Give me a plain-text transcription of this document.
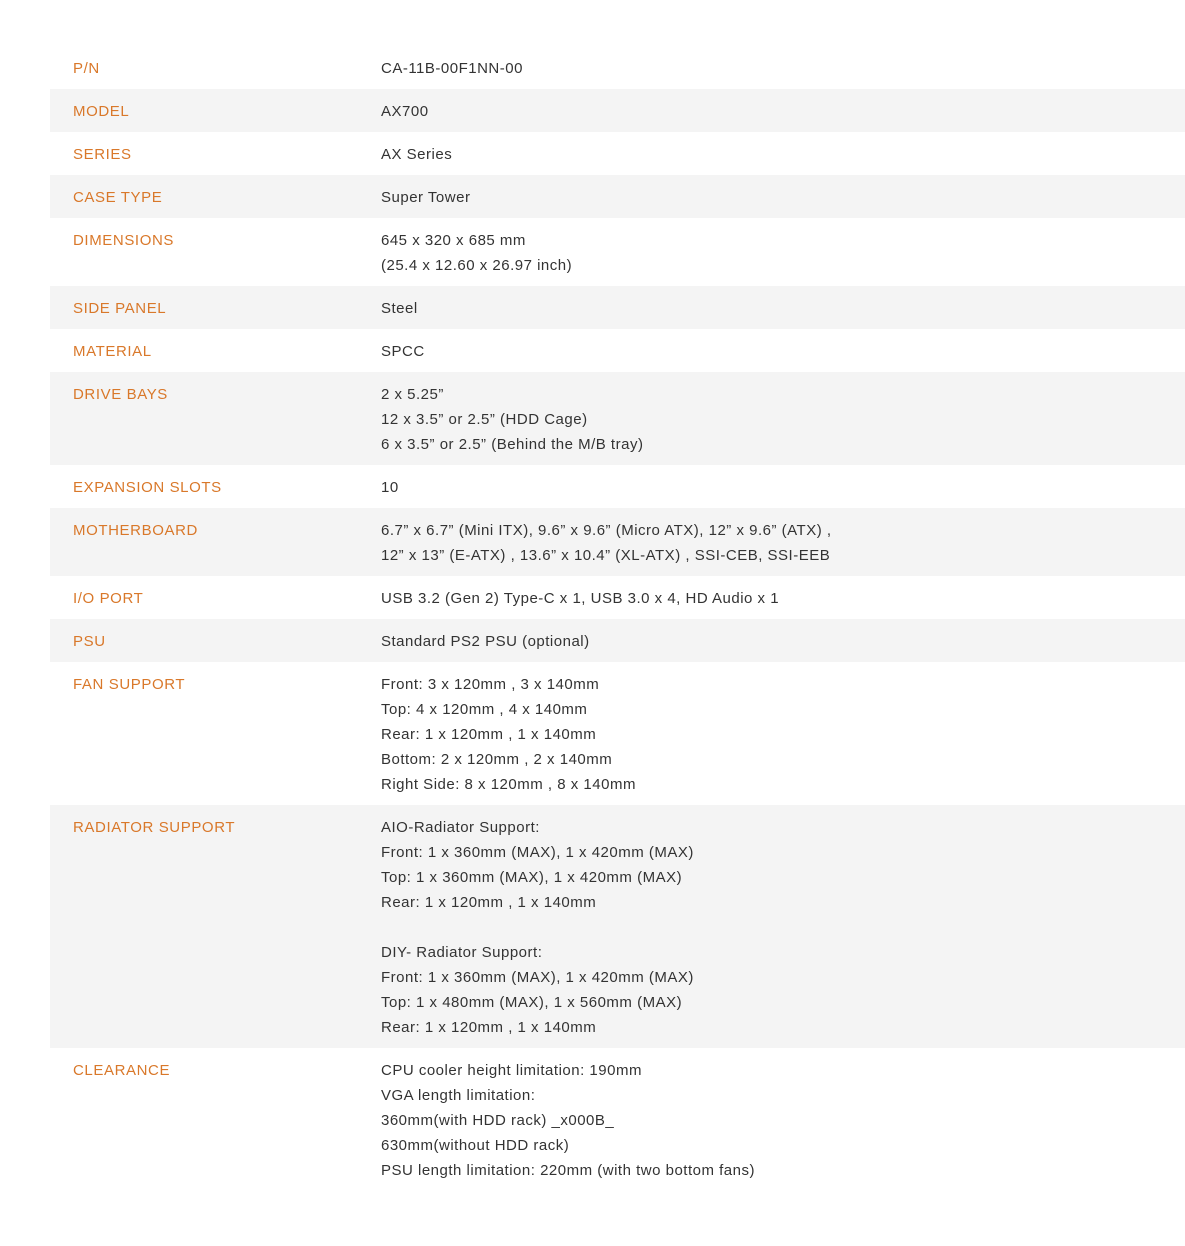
P/N	CA-11B-00F1NN-00
MODEL	AX700
SERIES	AX Series
CASE TYPE	Super Tower
DIMENSIONS	645 x 320 x 685 mm
(25.4 x 12.60 x 26.97 inch)
SIDE PANEL	Steel
MATERIAL	SPCC
DRIVE BAYS	2 x 5.25”
12 x 3.5” or 2.5” (HDD Cage)
6 x 3.5” or 2.5” (Behind the M/B tray)
EXPANSION SLOTS	10
MOTHERBOARD	6.7” x 6.7” (Mini ITX), 9.6” x 9.6” (Micro ATX), 12” x 9.6” (ATX) ,
12” x 13” (E-ATX) , 13.6” x 10.4” (XL-ATX) , SSI-CEB, SSI-EEB
I/O PORT	USB 3.2 (Gen 2) Type-C x 1, USB 3.0 x 4, HD Audio x 1
PSU	Standard PS2 PSU (optional)
FAN SUPPORT	Front: 3 x 120mm , 3 x 140mm
Top: 4 x 120mm , 4 x 140mm
Rear: 1 x 120mm , 1 x 140mm
Bottom: 2 x 120mm , 2 x 140mm
Right Side: 8 x 120mm , 8 x 140mm
RADIATOR SUPPORT	AIO-Radiator Support:
Front: 1 x 360mm (MAX), 1 x 420mm (MAX)
Top: 1 x 360mm (MAX), 1 x 420mm (MAX)
Rear: 1 x 120mm , 1 x 140mm
DIY- Radiator Support:
Front: 1 x 360mm (MAX), 1 x 420mm (MAX)
Top: 1 x 480mm (MAX), 1 x 560mm (MAX)
Rear: 1 x 120mm , 1 x 140mm
CLEARANCE	CPU cooler height limitation: 190mm
VGA length limitation:
360mm(with HDD rack) _x000B_
630mm(without HDD rack)
PSU length limitation: 220mm (with two bottom fans)
